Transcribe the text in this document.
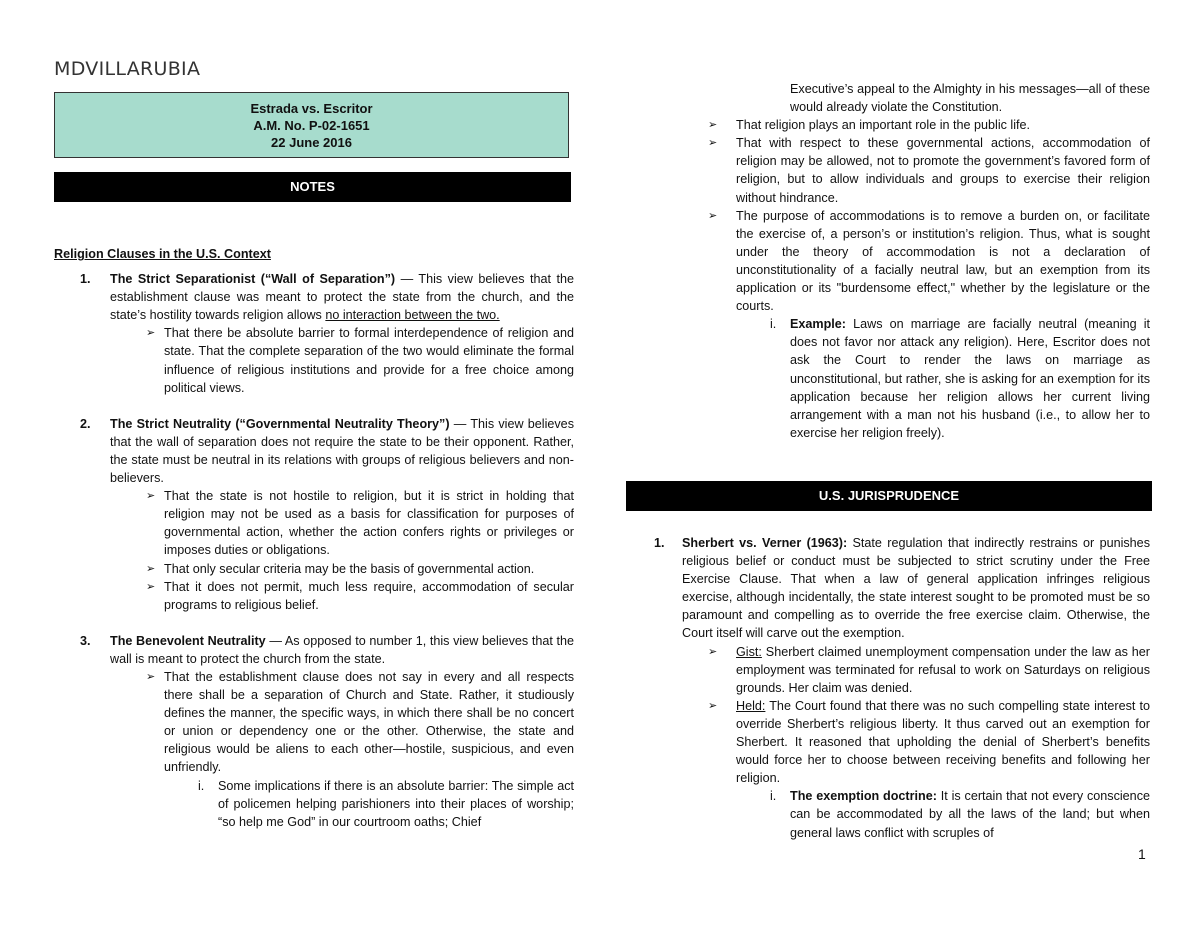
MDVILLARUBIA
Estrada vs. Escritor
A.M. No. P-02-1651
22 June 2016
NOTES
Religion Clauses in the U.S. Context
1. The Strict Separationist (“Wall of Separation”) — This view believes that the establishment clause was meant to protect the state from the church, and the state’s hostility towards religion allows no interaction between the two.
➢ That there be absolute barrier to formal interdependence of religion and state. That the complete separation of the two would eliminate the formal influence of religious institutions and provide for a free choice among political views.
2. The Strict Neutrality (“Governmental Neutrality Theory”) — This view believes that the wall of separation does not require the state to be their opponent. Rather, the state must be neutral in its relations with groups of religious believers and non-believers.
➢ That the state is not hostile to religion, but it is strict in holding that religion may not be used as a basis for classification for purposes of governmental action, whether the action confers rights or privileges or imposes duties or obligations.
➢ That only secular criteria may be the basis of governmental action.
➢ That it does not permit, much less require, accommodation of secular programs to religious belief.
3. The Benevolent Neutrality — As opposed to number 1, this view believes that the wall is meant to protect the church from the state.
➢ That the establishment clause does not say in every and all respects there shall be a separation of Church and State. Rather, it studiously defines the manner, the specific ways, in which there shall be no concert or union or dependency one or the other. Otherwise, the state and religious would be aliens to each other—hostile, suspicious, and even unfriendly.
i. Some implications if there is an absolute barrier: The simple act of policemen helping parishioners into their places of worship; “so help me God” in our courtroom oaths; Chief
Executive’s appeal to the Almighty in his messages—all of these would already violate the Constitution.
➢ That religion plays an important role in the public life.
➢ That with respect to these governmental actions, accommodation of religion may be allowed, not to promote the government’s favored form of religion, but to allow individuals and groups to exercise their religion without hindrance.
➢ The purpose of accommodations is to remove a burden on, or facilitate the exercise of, a person’s or institution’s religion. Thus, what is sought under the theory of accommodation is not a declaration of unconstitutionality of a facially neutral law, but an exemption from its application or its "burdensome effect," whether by the legislature or the courts.
i. Example: Laws on marriage are facially neutral (meaning it does not favor nor attack any religion). Here, Escritor does not ask the Court to render the laws on marriage as unconstitutional, but rather, she is asking for an exemption for its application because her religion allows her current living arrangement with a man not his husband (i.e., to allow her to exercise her religion freely).
U.S. JURISPRUDENCE
1. Sherbert vs. Verner (1963): State regulation that indirectly restrains or punishes religious belief or conduct must be subjected to strict scrutiny under the Free Exercise Clause. That when a law of general application infringes religious exercise, although incidentally, the state interest sought to be promoted must be so paramount and compelling as to override the free exercise claim. Otherwise, the Court itself will carve out the exemption.
➢ Gist: Sherbert claimed unemployment compensation under the law as her employment was terminated for refusal to work on Saturdays on religious grounds. Her claim was denied.
➢ Held: The Court found that there was no such compelling state interest to override Sherbert’s religious liberty. It thus carved out an exemption for Sherbert. It reasoned that upholding the denial of Sherbert’s benefits would force her to choose between receiving benefits and following her religion.
i. The exemption doctrine: It is certain that not every conscience can be accommodated by all the laws of the land; but when general laws conflict with scruples of
1
